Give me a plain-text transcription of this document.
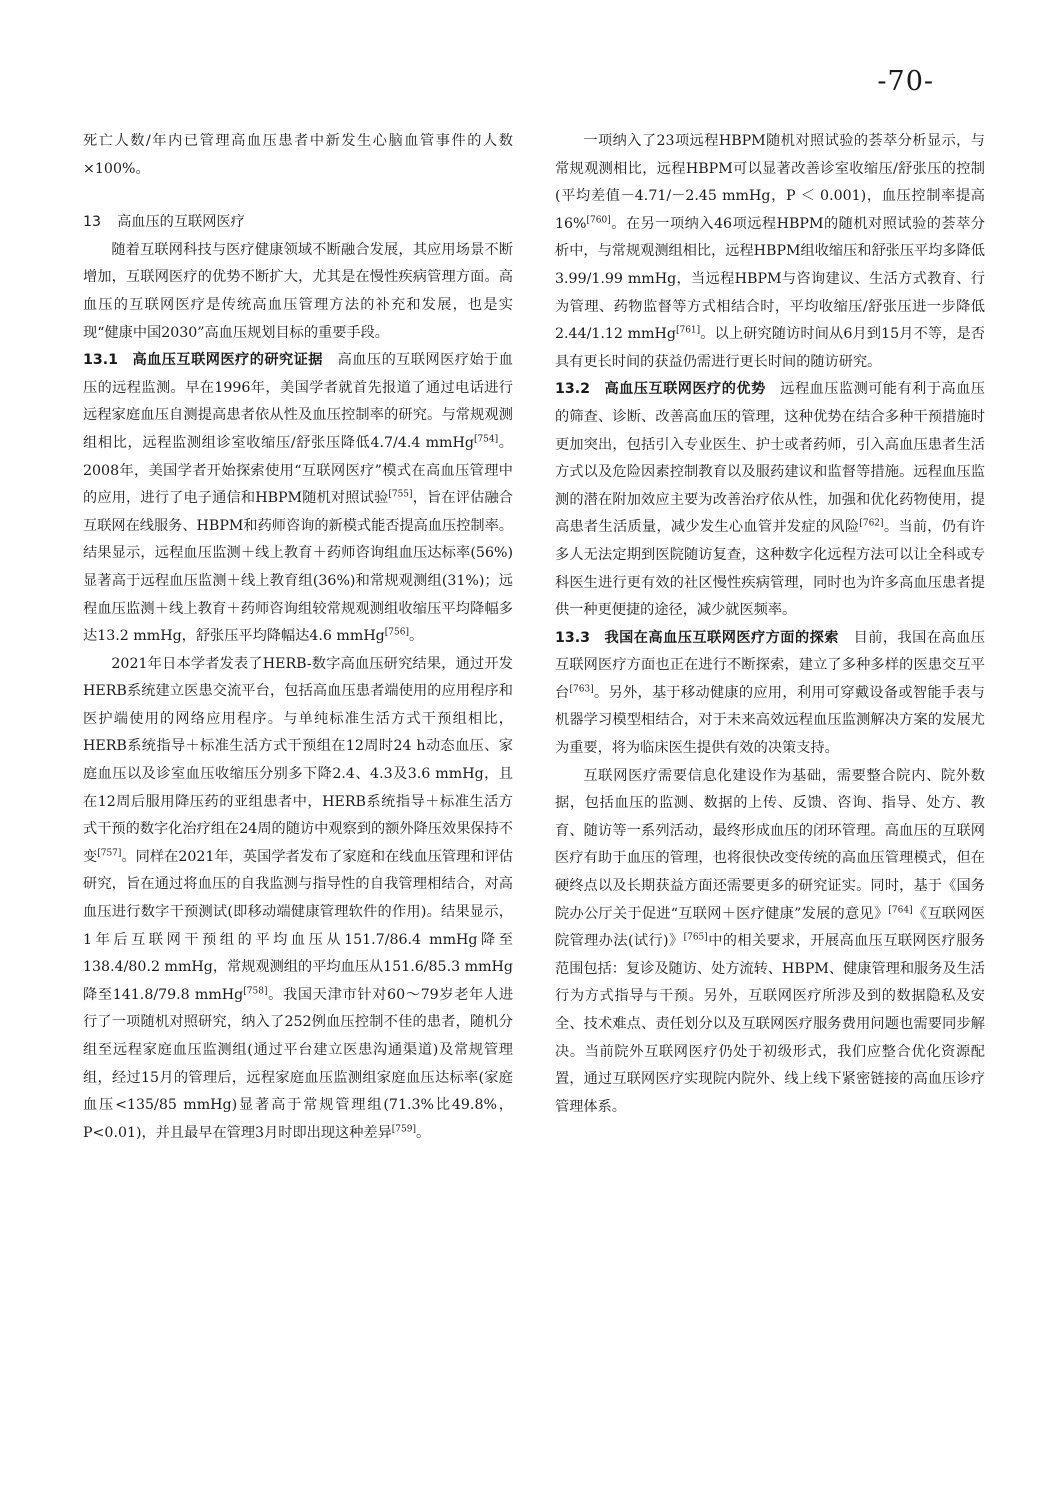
-70-

死亡人数/年内已管理高血压患者中新发生心脑血管事件的人数×100%。

13 高血压的互联网医疗

随着互联网科技与医疗健康领域不断融合发展，其应用场景不断增加，互联网医疗的优势不断扩大，尤其是在慢性疾病管理方面。高血压的互联网医疗是传统高血压管理方法的补充和发展，也是实现“健康中国2030”高血压规划目标的重要手段。

13.1 高血压互联网医疗的研究证据  高血压的互联网医疗始于血压的远程监测。早在1996年，美国学者就首先报道了通过电话进行远程家庭血压自测提高患者依从性及血压控制率的研究。与常规观测组相比，远程监测组诊室收缩压/舒张压降低4.7/4.4 mmHg[754]。2008年，美国学者开始探索使用“互联网医疗”模式在高血压管理中的应用，进行了电子通信和HBPM随机对照试验[755]，旨在评估融合互联网在线服务、HBPM和药师咨询的新模式能否提高血压控制率。结果显示，远程血压监测＋线上教育＋药师咨询组血压达标率(56%)显著高于远程血压监测＋线上教育组(36%)和常规观测组(31%)；远程血压监测＋线上教育＋药师咨询组较常规观测组收缩压平均降幅多达13.2 mmHg，舒张压平均降幅达4.6 mmHg[756]。

2021年日本学者发表了HERB-数字高血压研究结果，通过开发HERB系统建立医患交流平台，包括高血压患者端使用的应用程序和医护端使用的网络应用程序。与单纯标准生活方式干预组相比，HERB系统指导＋标准生活方式干预组在12周时24 h动态血压、家庭血压以及诊室血压收缩压分别多下降2.4、4.3及3.6 mmHg，且在12周后服用降压药的亚组患者中，HERB系统指导＋标准生活方式干预的数字化治疗组在24周的随访中观察到的额外降压效果保持不变[757]。同样在2021年，英国学者发布了家庭和在线血压管理和评估研究，旨在通过将血压的自我监测与指导性的自我管理相结合，对高血压进行数字干预测试(即移动端健康管理软件的作用)。结果显示，1年后互联网干预组的平均血压从151.7/86.4 mmHg降至138.4/80.2 mmHg，常规观测组的平均血压从151.6/85.3 mmHg降至141.8/79.8 mmHg[758]。我国天津市针对60～79岁老年人进行了一项随机对照研究，纳入了252例血压控制不佳的患者，随机分组至远程家庭血压监测组(通过平台建立医患沟通渠道)及常规管理组，经过15月的管理后，远程家庭血压监测组家庭血压达标率(家庭血压<135/85 mmHg)显著高于常规管理组(71.3%比49.8%，P<0.01)，并且最早在管理3月时即出现这种差异[759]。

一项纳入了23项远程HBPM随机对照试验的荟萃分析显示，与常规观测相比，远程HBPM可以显著改善诊室收缩压/舒张压的控制(平均差值－4.71/－2.45 mmHg，P ＜ 0.001)，血压控制率提高16%[760]。在另一项纳入46项远程HBPM的随机对照试验的荟萃分析中，与常规观测组相比，远程HBPM组收缩压和舒张压平均多降低3.99/1.99 mmHg，当远程HBPM与咨询建议、生活方式教育、行为管理、药物监督等方式相结合时，平均收缩压/舒张压进一步降低2.44/1.12 mmHg[761]。以上研究随访时间从6月到15月不等，是否具有更长时间的获益仍需进行更长时间的随访研究。

13.2 高血压互联网医疗的优势  远程血压监测可能有利于高血压的筛查、诊断、改善高血压的管理，这种优势在结合多种干预措施时更加突出，包括引入专业医生、护士或者药师，引入高血压患者生活方式以及危险因素控制教育以及服药建议和监督等措施。远程血压监测的潜在附加效应主要为改善治疗依从性，加强和优化药物使用，提高患者生活质量，减少发生心血管并发症的风险[762]。当前，仍有许多人无法定期到医院随访复查，这种数字化远程方法可以让全科或专科医生进行更有效的社区慢性疾病管理，同时也为许多高血压患者提供一种更便捷的途径，减少就医频率。

13.3 我国在高血压互联网医疗方面的探索  目前，我国在高血压互联网医疗方面也正在进行不断探索，建立了多种多样的医患交互平台[763]。另外，基于移动健康的应用，利用可穿戴设备或智能手表与机器学习模型相结合，对于未来高效远程血压监测解决方案的发展尤为重要，将为临床医生提供有效的决策支持。

互联网医疗需要信息化建设作为基础，需要整合院内、院外数据，包括血压的监测、数据的上传、反馈、咨询、指导、处方、教育、随访等一系列活动，最终形成血压的闭环管理。高血压的互联网医疗有助于血压的管理，也将很快改变传统的高血压管理模式，但在硬终点以及长期获益方面还需要更多的研究证实。同时，基于《国务院办公厅关于促进“互联网＋医疗健康”发展的意见》[764]《互联网医院管理办法(试行)》[765]中的相关要求，开展高血压互联网医疗服务范围包括：复诊及随访、处方流转、HBPM、健康管理和服务及生活行为方式指导与干预。另外，互联网医疗所涉及到的数据隐私及安全、技术难点、责任划分以及互联网医疗服务费用问题也需要同步解决。当前院外互联网医疗仍处于初级形式，我们应整合优化资源配置，通过互联网医疗实现院内院外、线上线下紧密链接的高血压诊疗管理体系。
